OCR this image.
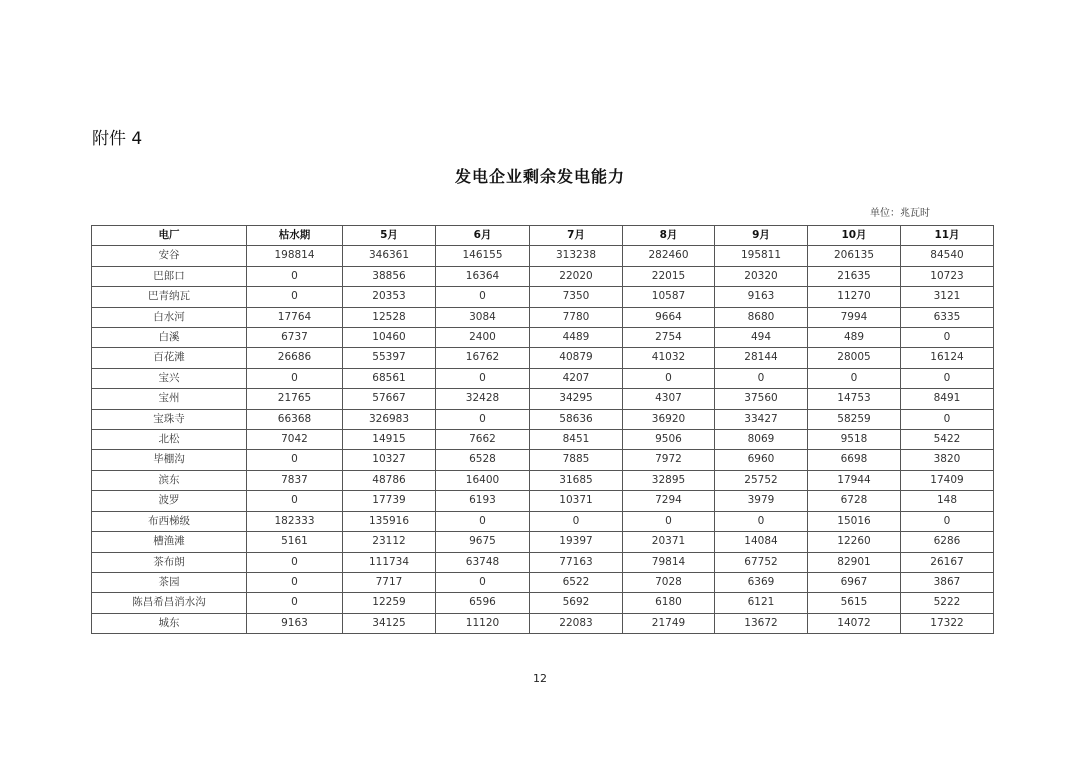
附件 4
发电企业剩余发电能力
单位：兆瓦时
电厂	枯水期	5月	6月	7月	8月	9月	10月	11月
安谷	198814	346361	146155	313238	282460	195811	206135	84540
巴郎口	0	38856	16364	22020	22015	20320	21635	10723
巴青纳瓦	0	20353	0	7350	10587	9163	11270	3121
白水河	17764	12528	3084	7780	9664	8680	7994	6335
白溪	6737	10460	2400	4489	2754	494	489	0
百花滩	26686	55397	16762	40879	41032	28144	28005	16124
宝兴	0	68561	0	4207	0	0	0	0
宝州	21765	57667	32428	34295	4307	37560	14753	8491
宝珠寺	66368	326983	0	58636	36920	33427	58259	0
北松	7042	14915	7662	8451	9506	8069	9518	5422
毕棚沟	0	10327	6528	7885	7972	6960	6698	3820
滨东	7837	48786	16400	31685	32895	25752	17944	17409
波罗	0	17739	6193	10371	7294	3979	6728	148
布西梯级	182333	135916	0	0	0	0	15016	0
槽渔滩	5161	23112	9675	19397	20371	14084	12260	6286
茶布朗	0	111734	63748	77163	79814	67752	82901	26167
茶园	0	7717	0	6522	7028	6369	6967	3867
陈昌希昌消水沟	0	12259	6596	5692	6180	6121	5615	5222
城东	9163	34125	11120	22083	21749	13672	14072	17322
12
